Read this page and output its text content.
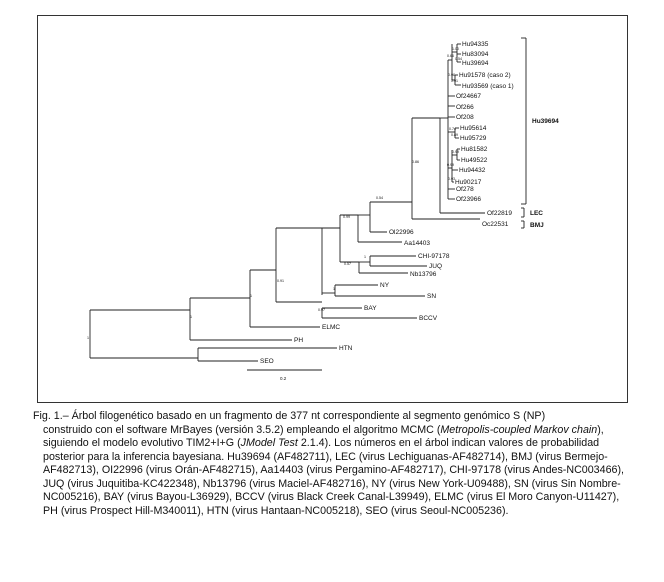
Hu94335
Hu83094
Hu39694
Hu91578 (caso 2)
Hu93569 (caso 1)
Of24667
Of266
Of208
Hu95614
Hu95729
Hu81582
Hu49522
Hu94432
Hu90217
Of278
Of23966
Of22819
Oc22531
Ol22996
Aa14403
CHI-97178
JUQ
Nb13796
NY
SN
BAY
BCCV
ELMC
PH
HTN
SEO
Hu39694
LEC
BMJ
0.66
1.00
0.54
0.98
0.91
0.74
0.89
0.99
0.99
0.93
0.86
0.54
0.99
0.57
1
0.91
1
0.97
1
1
1
0.2
Fig. 1.– Árbol filogenético basado en un fragmento de 377 nt correspondiente al segmento genómico S (NP)
construido con el software MrBayes (versión 3.5.2) empleando el algoritmo MCMC (Metropolis-coupled Markov chain), siguiendo el modelo evolutivo TIM2+I+G (JModel Test 2.1.4). Los números en el árbol indican valores de probabilidad posterior para la inferencia bayesiana. Hu39694 (AF482711), LEC (virus Lechiguanas-AF482714), BMJ (virus Bermejo-AF482713), OI22996 (virus Orán-AF482715), Aa14403 (virus Pergamino-AF482717), CHI-97178 (virus Andes-NC003466), JUQ (virus Juquitiba-KC422348), Nb13796 (virus Maciel-AF482716), NY (virus New York-U09488), SN (virus Sin Nombre-NC005216), BAY (virus Bayou-L36929), BCCV (virus Black Creek Canal-L39949), ELMC (virus El Moro Canyon-U11427), PH (virus Prospect Hill-M340011), HTN (virus Hantaan-NC005218), SEO (virus Seoul-NC005236).
